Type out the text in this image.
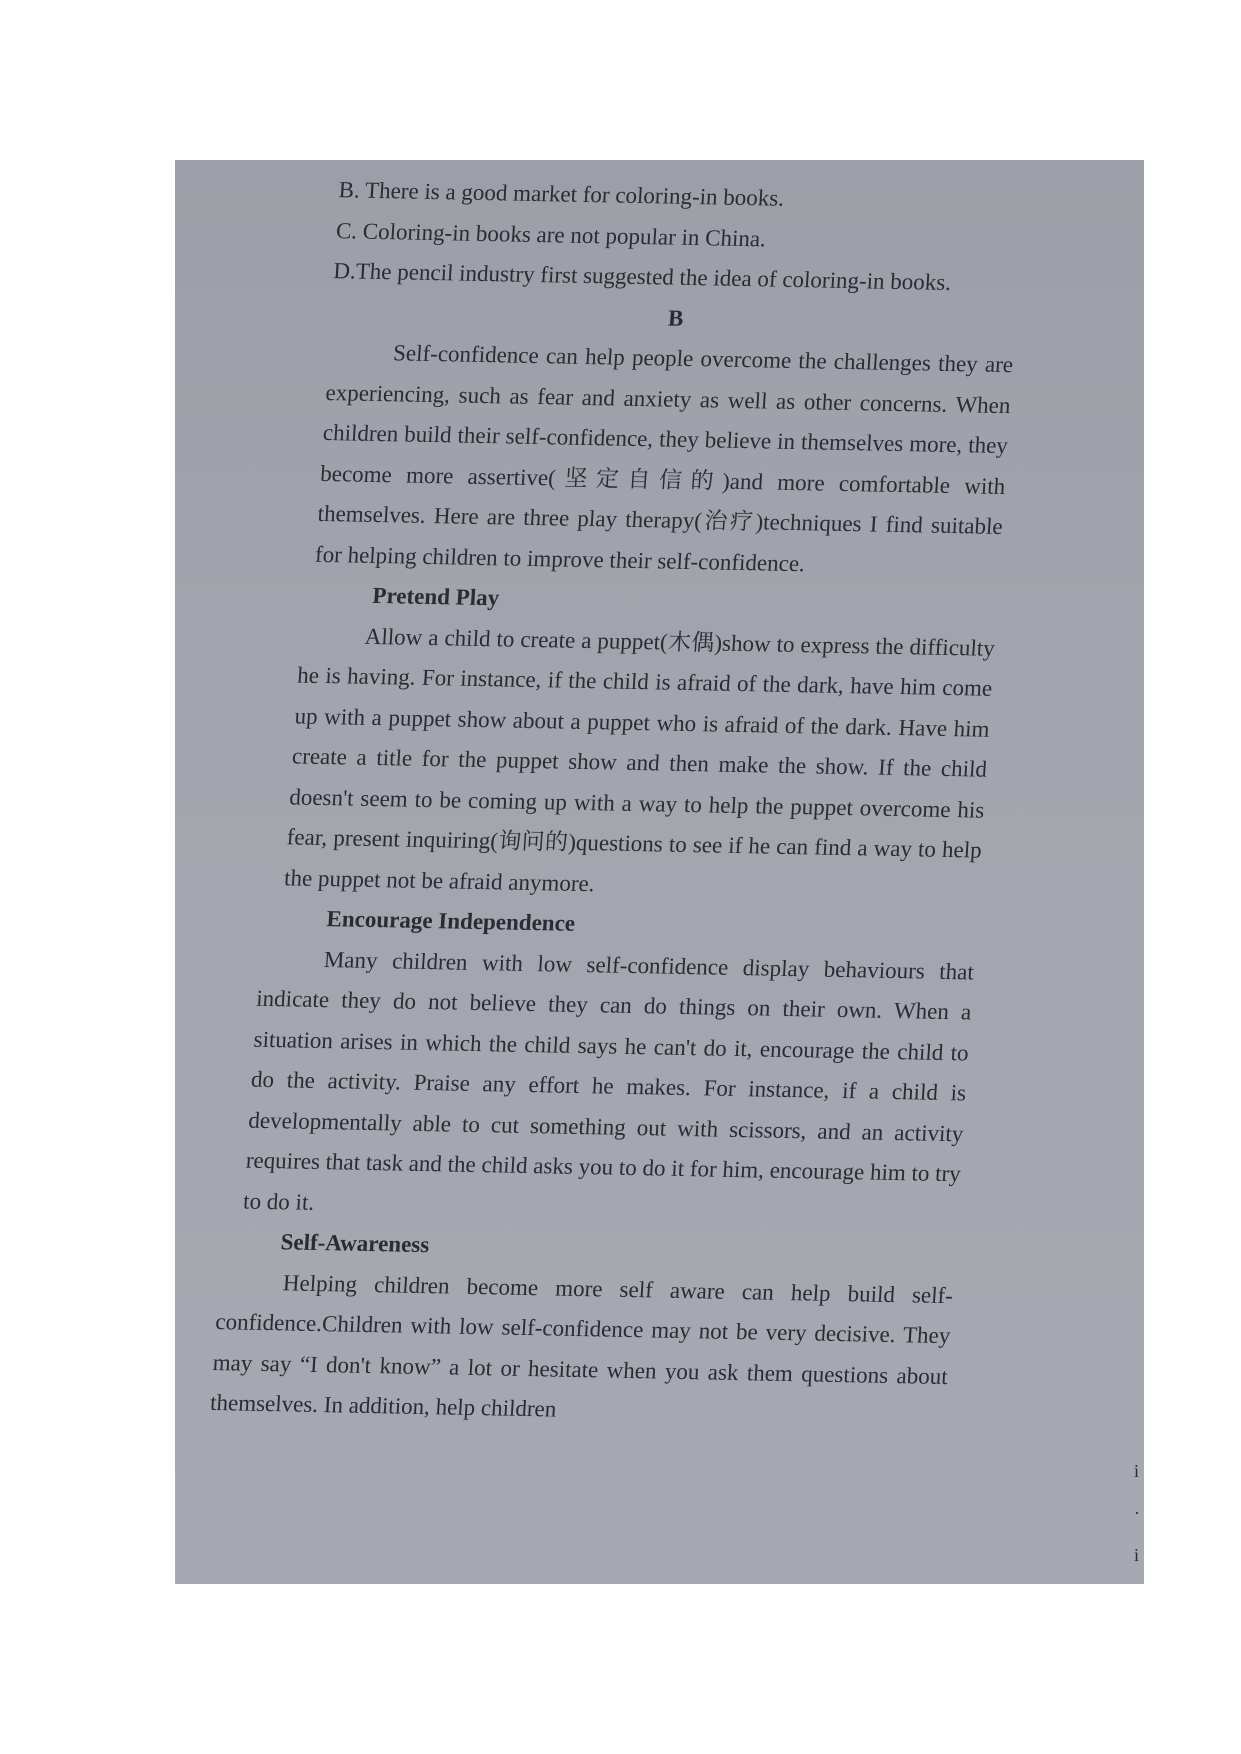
B. There is a good market for coloring-in books.

C. Coloring-in books are not popular in China.

D.The pencil industry first suggested the idea of coloring-in books.

B

Self-confidence can help people overcome the challenges they are experiencing, such as fear and anxiety as well as other concerns. When children build their self-confidence, they believe in themselves more, they become more assertive(坚定自信的)and more comfortable with themselves. Here are three play therapy(治疗)techniques I find suitable for helping children to improve their self-confidence.

Pretend Play

Allow a child to create a puppet(木偶)show to express the difficulty he is having. For instance, if the child is afraid of the dark, have him come up with a puppet show about a puppet who is afraid of the dark. Have him create a title for the puppet show and then make the show. If the child doesn't seem to be coming up with a way to help the puppet overcome his fear, present inquiring(询问的)questions to see if he can find a way to help the puppet not be afraid anymore.

Encourage Independence

Many children with low self-confidence display behaviours that indicate they do not believe they can do things on their own. When a situation arises in which the child says he can't do it, encourage the child to do the activity. Praise any effort he makes. For instance, if a child is developmentally able to cut something out with scissors, and an activity requires that task and the child asks you to do it for him, encourage him to try to do it.

Self-Awareness

Helping children become more self aware can help build self-confidence.Children with low self-confidence may not be very decisive. They may say “I don't know” a lot or hesitate when you ask them questions about themselves. In addition, help children

i
·
i
